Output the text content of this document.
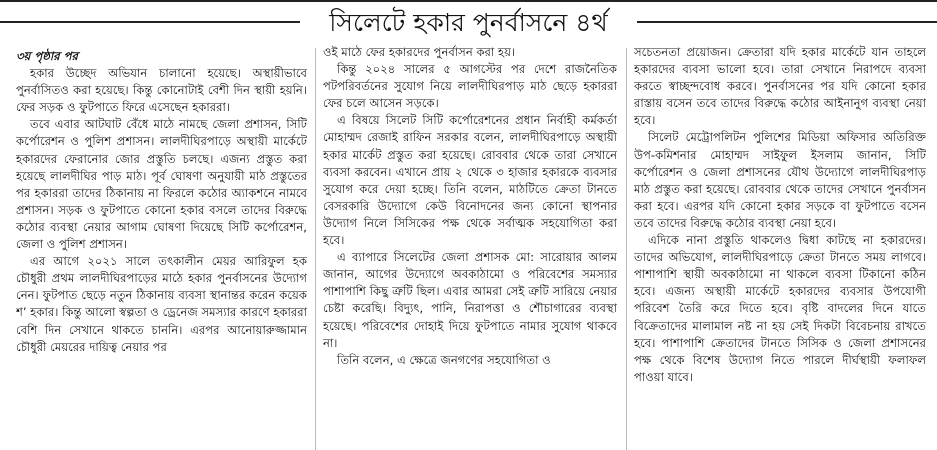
সিলেটে হকার পুনর্বাসনে ৪র্থ

৩য় পৃষ্ঠার পর

হকার উচ্ছেদ অভিযান চালানো হয়েছে। অস্থায়ীভাবে পুনর্বাসিতও করা হয়েছে। কিন্তু কোনোটাই বেশী দিন স্থায়ী হয়নি। ফের সড়ক ও ফুটপাতে ফিরে এসেছেন হকাররা।

তবে এবার আটঘাট বেঁধে মাঠে নামছে জেলা প্রশাসন, সিটি কর্পোরেশন ও পুলিশ প্রশাসন। লালদীঘিরপাড়ে অস্থায়ী মার্কেটে হকারদের ফেরানোর জোর প্রস্তুতি চলছে। এজন্য প্রস্তুত করা হয়েছে লালদীঘির পাড় মাঠ। পূর্ব ঘোষণা অনুযায়ী মাঠ প্রস্তুতের পর হকাররা তাদের ঠিকানায় না ফিরলে কঠোর অ্যাকশনে নামবে প্রশাসন। সড়ক ও ফুটপাতে কোনো হকার বসলে তাদের বিরুদ্ধে কঠোর ব্যবস্থা নেয়ার আগাম ঘোষণা দিয়েছে সিটি কর্পোরেশন, জেলা ও পুলিশ প্রশাসন।

এর আগে ২০২১ সালে তৎকালীন মেয়র আরিফুল হক চৌধুরী প্রথম লালদীঘিরপাড়ের মাঠে হকার পুনর্বাসনের উদ্যোগ নেন। ফুটপাত ছেড়ে নতুন ঠিকানায় ব্যবসা স্থানান্তর করেন কয়েক শ’ হকার। কিন্তু আলো স্বল্পতা ও ড্রেনেজ সমস্যার কারণে হকাররা বেশি দিন সেখানে থাকতে চাননি। এরপর আনোয়ারুজ্জামান চৌধুরী মেয়রের দায়িত্ব নেয়ার পর

ওই মাঠে ফের হকারদের পুনর্বাসন করা হয়।

কিন্তু ২০২৪ সালের ৫ আগস্টের পর দেশে রাজনৈতিক পটপরিবর্তনের সুযোগ নিয়ে লালদীঘিরপাড় মাঠ ছেড়ে হকাররা ফের চলে আসেন সড়কে।

এ বিষয়ে সিলেট সিটি কর্পোরেশনের প্রধান নির্বাহী কর্মকর্তা মোহাম্মদ রেজাই রাফিন সরকার বলেন, লালদীঘিরপাড়ে অস্থায়ী হকার মার্কেট প্রস্তুত করা হয়েছে। রোববার থেকে তারা সেখানে ব্যবসা করবেন। এখানে প্রায় ২ থেকে ৩ হাজার হকারকে ব্যবসার সুযোগ করে দেয়া হচ্ছে। তিনি বলেন, মাঠটিতে ক্রেতা টানতে বেসরকারি উদ্যোগে কেউ বিনোদনের জন্য কোনো স্থাপনার উদ্যোগ নিলে সিসিকের পক্ষ থেকে সর্বাত্মক সহযোগিতা করা হবে।

এ ব্যাপারে সিলেটের জেলা প্রশাসক মো: সারোয়ার আলম জানান, আগের উদ্যোগে অবকাঠামো ও পরিবেশের সমস্যার পাশাপাশি কিছু ত্রুটি ছিল। এবার আমরা সেই ত্রুটি সারিয়ে নেয়ার চেষ্টা করেছি। বিদ্যুৎ, পানি, নিরাপত্তা ও শৌচাগারের ব্যবস্থা হয়েছে। পরিবেশের দোহাই দিয়ে ফুটপাতে নামার সুযোগ থাকবে না।

তিনি বলেন, এ ক্ষেত্রে জনগণের সহযোগিতা ও

সচেতনতা প্রয়োজন। ক্রেতারা যদি হকার মার্কেটে যান তাহলে হকারদের ব্যবসা ভালো হবে। তারা সেখানে নিরাপদে ব্যবসা করতে স্বাচ্ছন্দবোধ করবে। পুনর্বাসনের পর যদি কোনো হকার রাস্তায় বসেন তবে তাদের বিরুদ্ধে কঠোর আইনানুগ ব্যবস্থা নেয়া হবে।

সিলেট মেট্রোপলিটন পুলিশের মিডিয়া অফিসার অতিরিক্ত উপ-কমিশনার মোহাম্মদ সাইফুল ইসলাম জানান, সিটি কর্পোরেশন ও জেলা প্রশাসনের যৌথ উদ্যোগে লালদীঘিরপাড় মাঠ প্রস্তুত করা হয়েছে। রোববার থেকে তাদের সেখানে পুনর্বাসন করা হবে। এরপর যদি কোনো হকার সড়কে বা ফুটপাতে বসেন তবে তাদের বিরুদ্ধে কঠোর ব্যবস্থা নেয়া হবে।

এদিকে নানা প্রস্তুতি থাকলেও দ্বিধা কাটছে না হকারদের। তাদের অভিযোগ, লালদীঘিরপাড়ে ক্রেতা টানতে সময় লাগবে। পাশাপাশি স্থায়ী অবকাঠামো না থাকলে ব্যবসা টিকানো কঠিন হবে। এজন্য অস্থায়ী মার্কেটে হকারদের ব্যবসার উপযোগী পরিবেশ তৈরি করে দিতে হবে। বৃষ্টি বাদলের দিনে যাতে বিক্রেতাদের মালামাল নষ্ট না হয় সেই দিকটা বিবেচনায় রাখতে হবে। পাশাপাশি ক্রেতাদের টানতে সিসিক ও জেলা প্রশাসনের পক্ষ থেকে বিশেষ উদ্যোগ নিতে পারলে দীর্ঘস্থায়ী ফলাফল পাওয়া যাবে।
